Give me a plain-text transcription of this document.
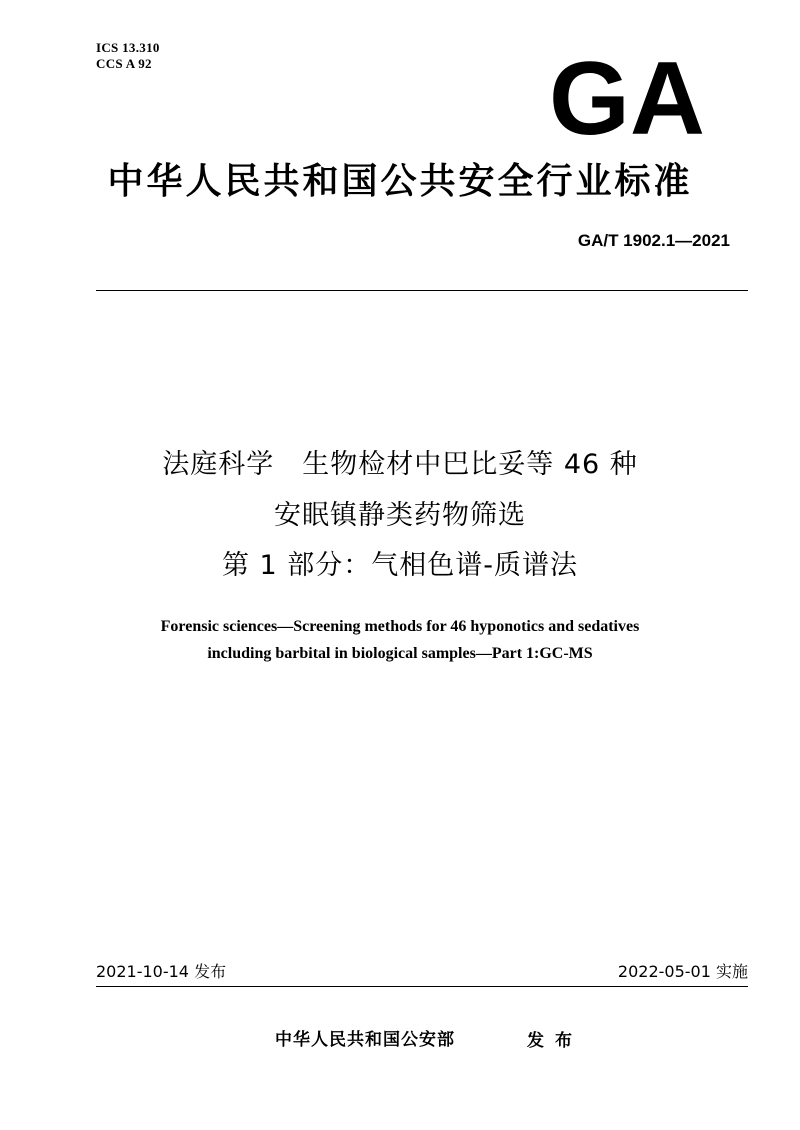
ICS 13.310
CCS A 92	GA
中华人民共和国公共安全行业标准
GA/T 1902.1—2021
法庭科学　生物检材中巴比妥等 46 种
安眠镇静类药物筛选
第 1 部分：气相色谱-质谱法
Forensic sciences—Screening methods for 46 hyponotics and sedatives
including barbital in biological samples—Part 1:GC-MS
2021-10-14 发布	2022-05-01 实施
中华人民共和国公安部	发布
